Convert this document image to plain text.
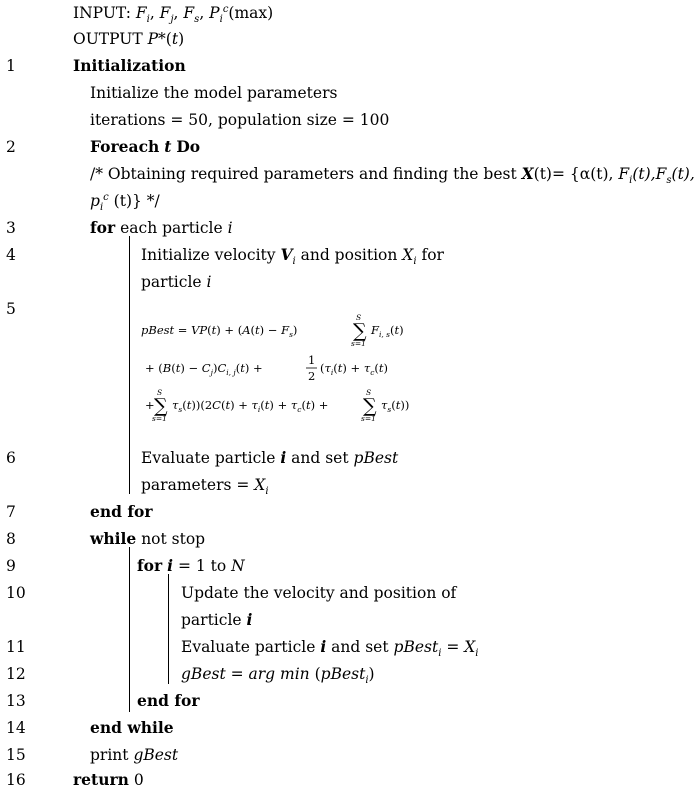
INPUT: $F_i$, $F_j$, $F_s$, $P_i^c(\max)$
OUTPUT P*(t)
1	Initialization
Initialize the model parameters
iterations = 50, population size = 100
2	Foreach t Do
/* Obtaining required parameters and finding the best X(t)= {α(t), $F_i(t),F_s(t)$,
$p_i^c$ (t)} */
3	for each particle i
4	Initialize velocity $V_i$ and position $X_i$ for
particle i
5
pBest = $VP(t) + (A(t) - F_s)$	∑
S
s=1
$F_{i, s}(t)$
+ $(B(t) - C_j)C_{i, j}(t)$ +
1
2
($\tau_i(t) + \tau_c(t)$
+ ∑
S
s=1
$\tau_s(t))(2C(t) + \tau_i(t) + \tau_c(t)$ + ∑
S
s=1
$\tau_s(t)$)
6	Evaluate particle i and set pBest
parameters = $X_i$
7	end for
8	while not stop
9	for i = 1 to N
10	Update the velocity and position of
particle i
11	Evaluate particle i and set pBest$_i$ = $X_i$
12	gBest = arg min (pBest$_i$)
13	end for
14	end while
15	print gBest
16	return 0
